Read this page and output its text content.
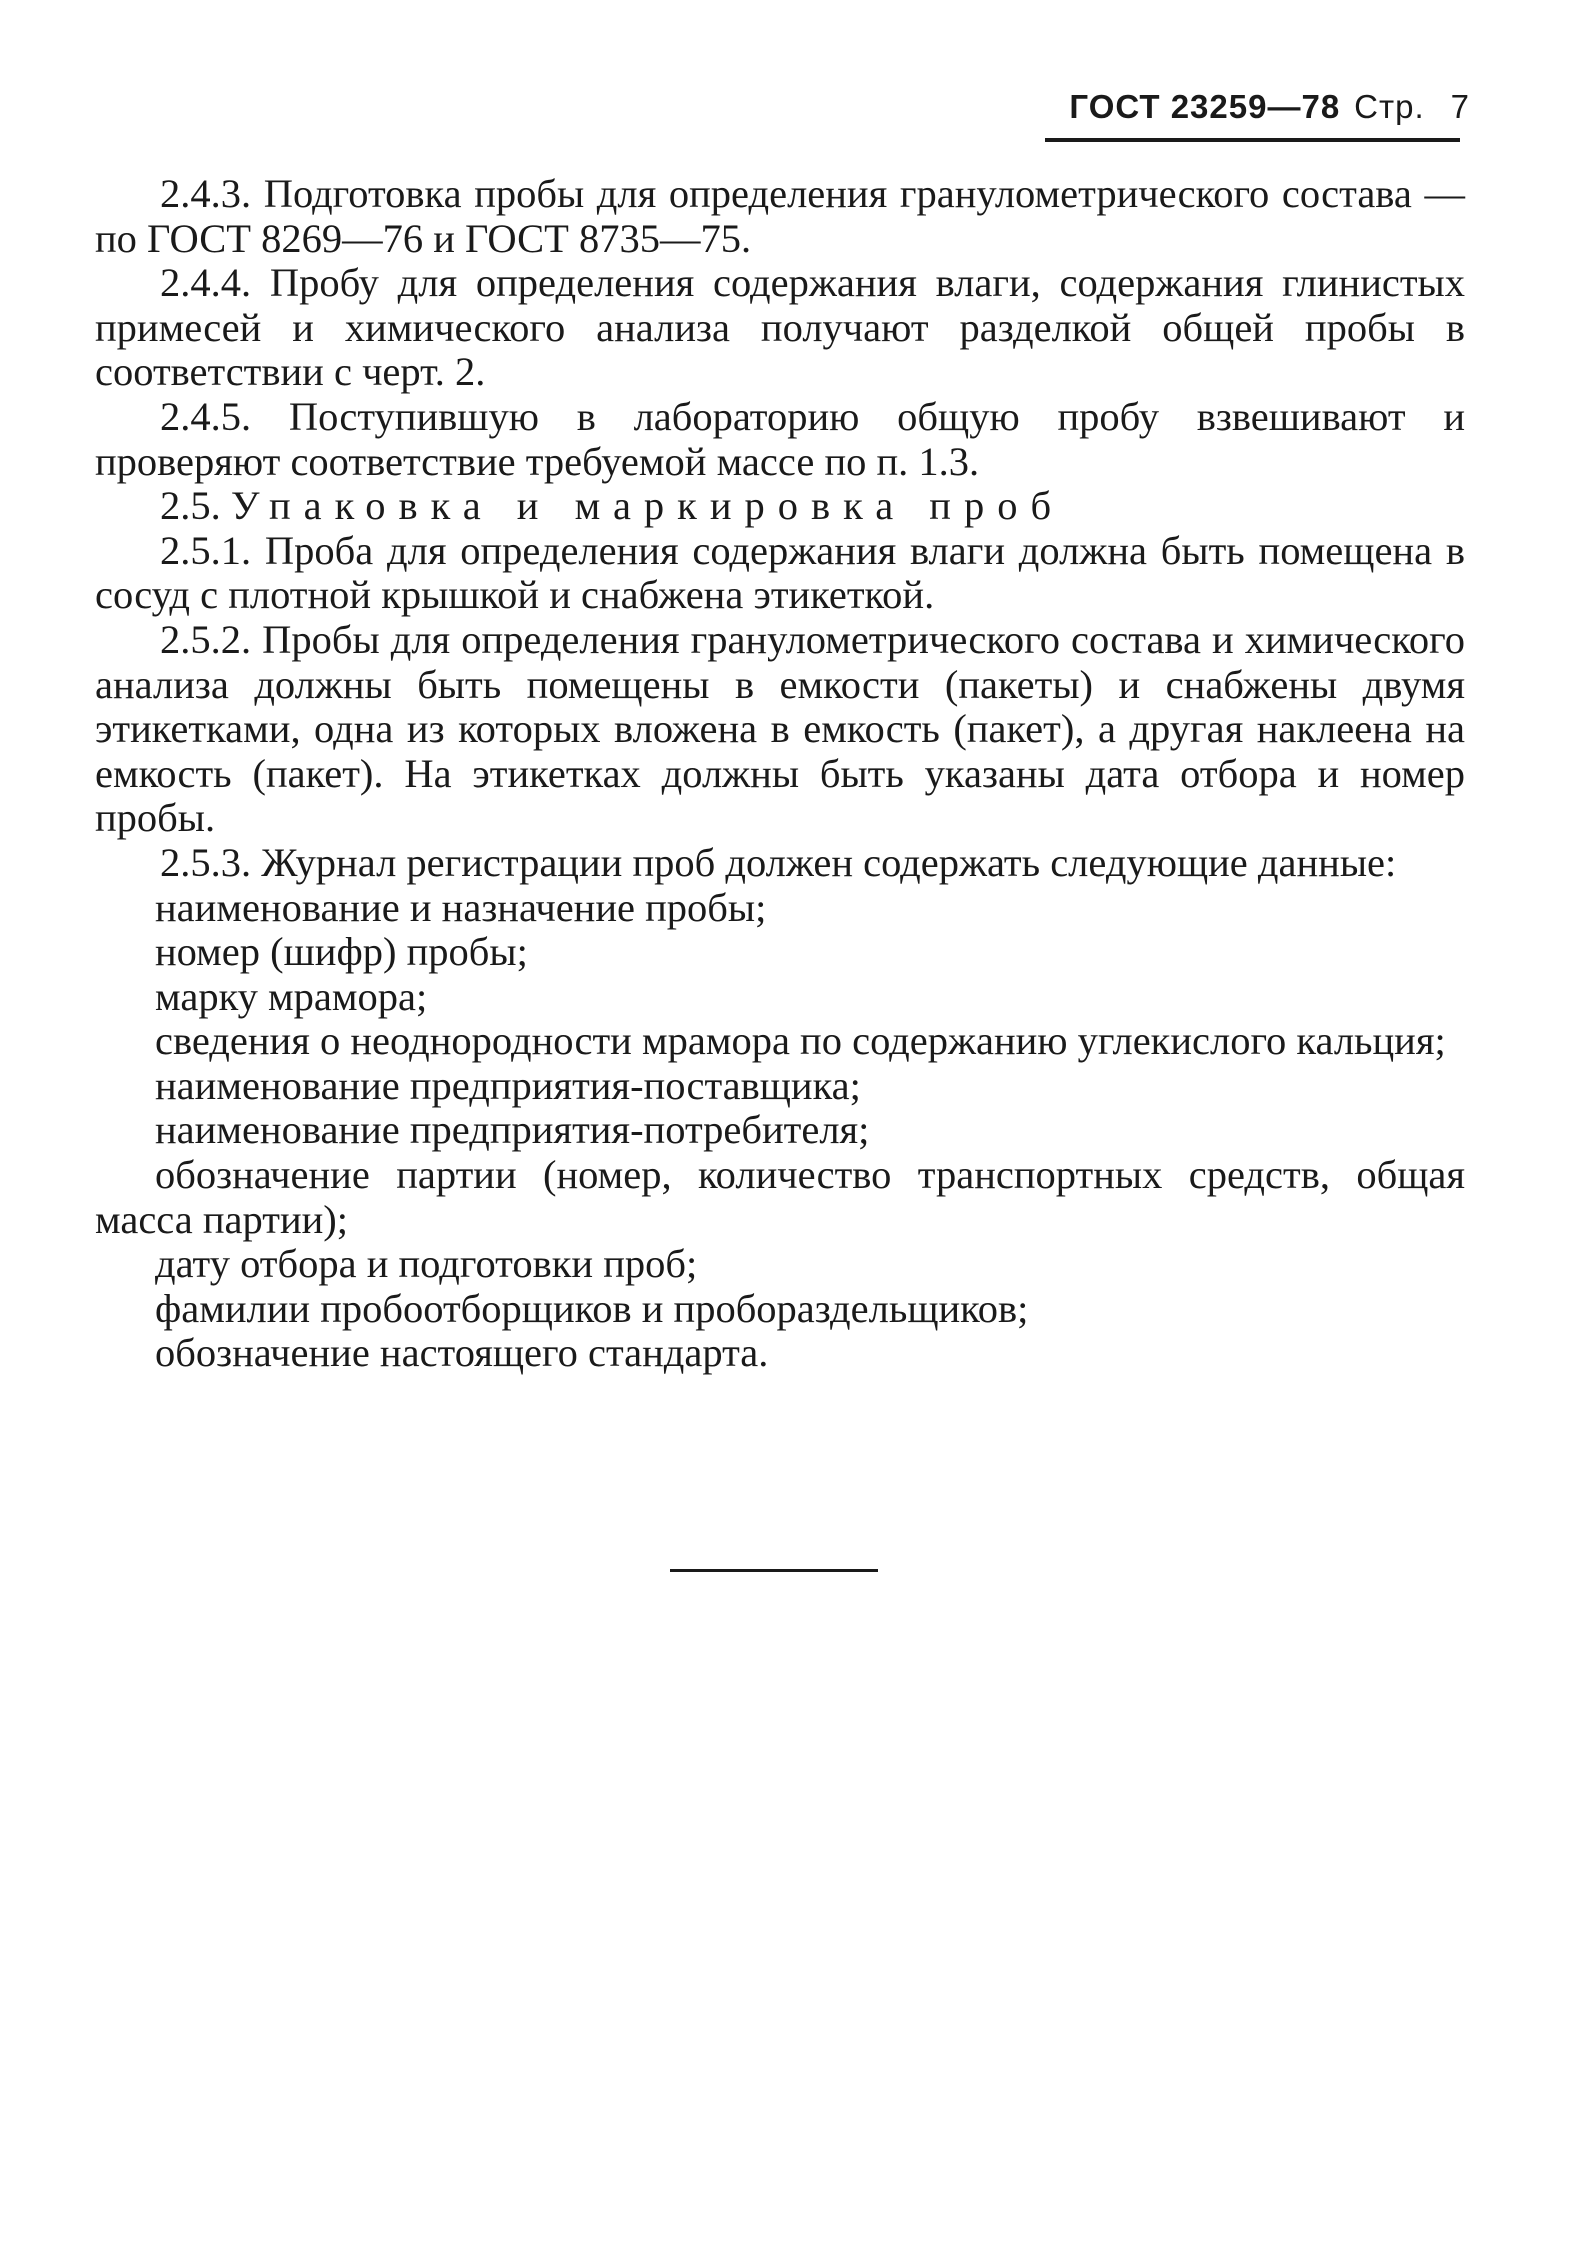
ГОСТ 23259—78 Стр. 7

2.4.3. Подготовка пробы для определения гранулометрического состава — по ГОСТ 8269—76 и ГОСТ 8735—75.

2.4.4. Пробу для определения содержания влаги, содержания глинистых примесей и химического анализа получают разделкой общей пробы в соответствии с черт. 2.

2.4.5. Поступившую в лабораторию общую пробу взвешивают и проверяют соответствие требуемой массе по п. 1.3.

2.5. Упаковка и маркировка проб

2.5.1. Проба для определения содержания влаги должна быть помещена в сосуд с плотной крышкой и снабжена этикеткой.

2.5.2. Пробы для определения гранулометрического состава и химического анализа должны быть помещены в емкости (пакеты) и снабжены двумя этикетками, одна из которых вложена в емкость (пакет), а другая наклеена на емкость (пакет). На этикетках должны быть указаны дата отбора и номер пробы.

2.5.3. Журнал регистрации проб должен содержать следующие данные:

наименование и назначение пробы;

номер (шифр) пробы;

марку мрамора;

сведения о неоднородности мрамора по содержанию углекислого кальция;

наименование предприятия-поставщика;

наименование предприятия-потребителя;

обозначение партии (номер, количество транспортных средств, общая масса партии);

дату отбора и подготовки проб;

фамилии пробоотборщиков и пробораздельщиков;

обозначение настоящего стандарта.
